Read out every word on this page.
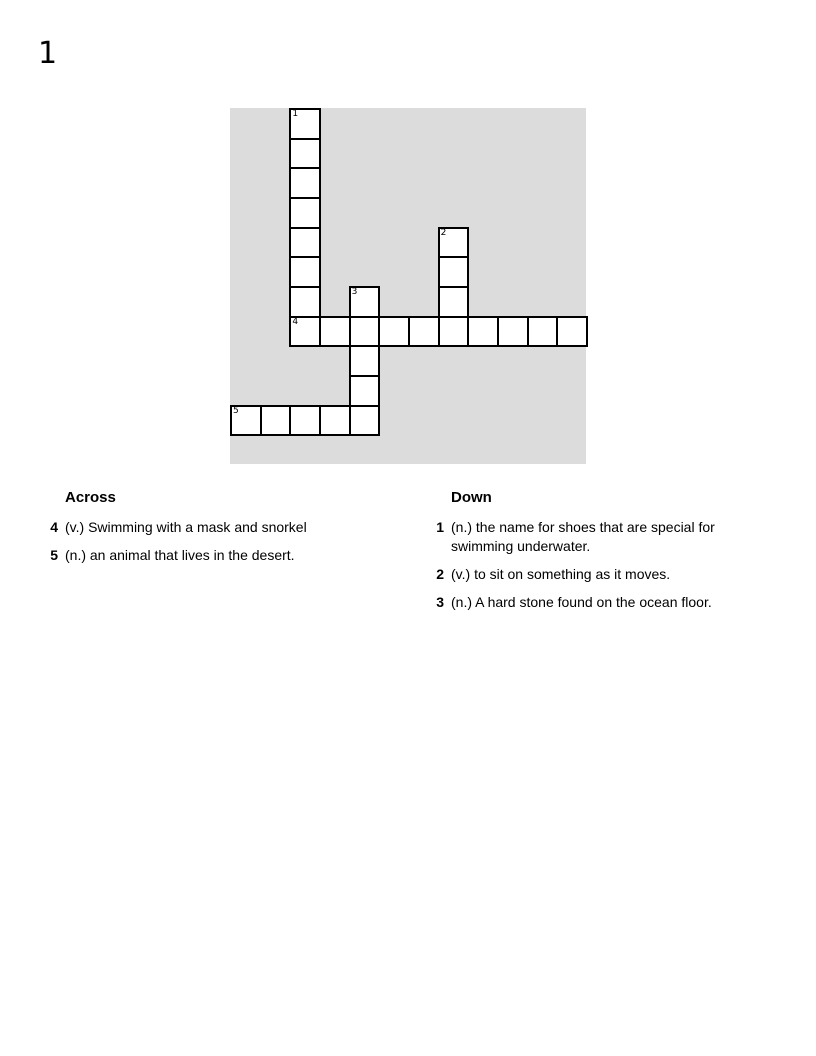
1
1
4
2
3
5
Across
4 (v.) Swimming with a mask and snorkel
5 (n.) an animal that lives in the desert.
Down
1 (n.) the name for shoes that are special for swimming underwater.
2 (v.) to sit on something as it moves.
3 (n.) A hard stone found on the ocean floor.
